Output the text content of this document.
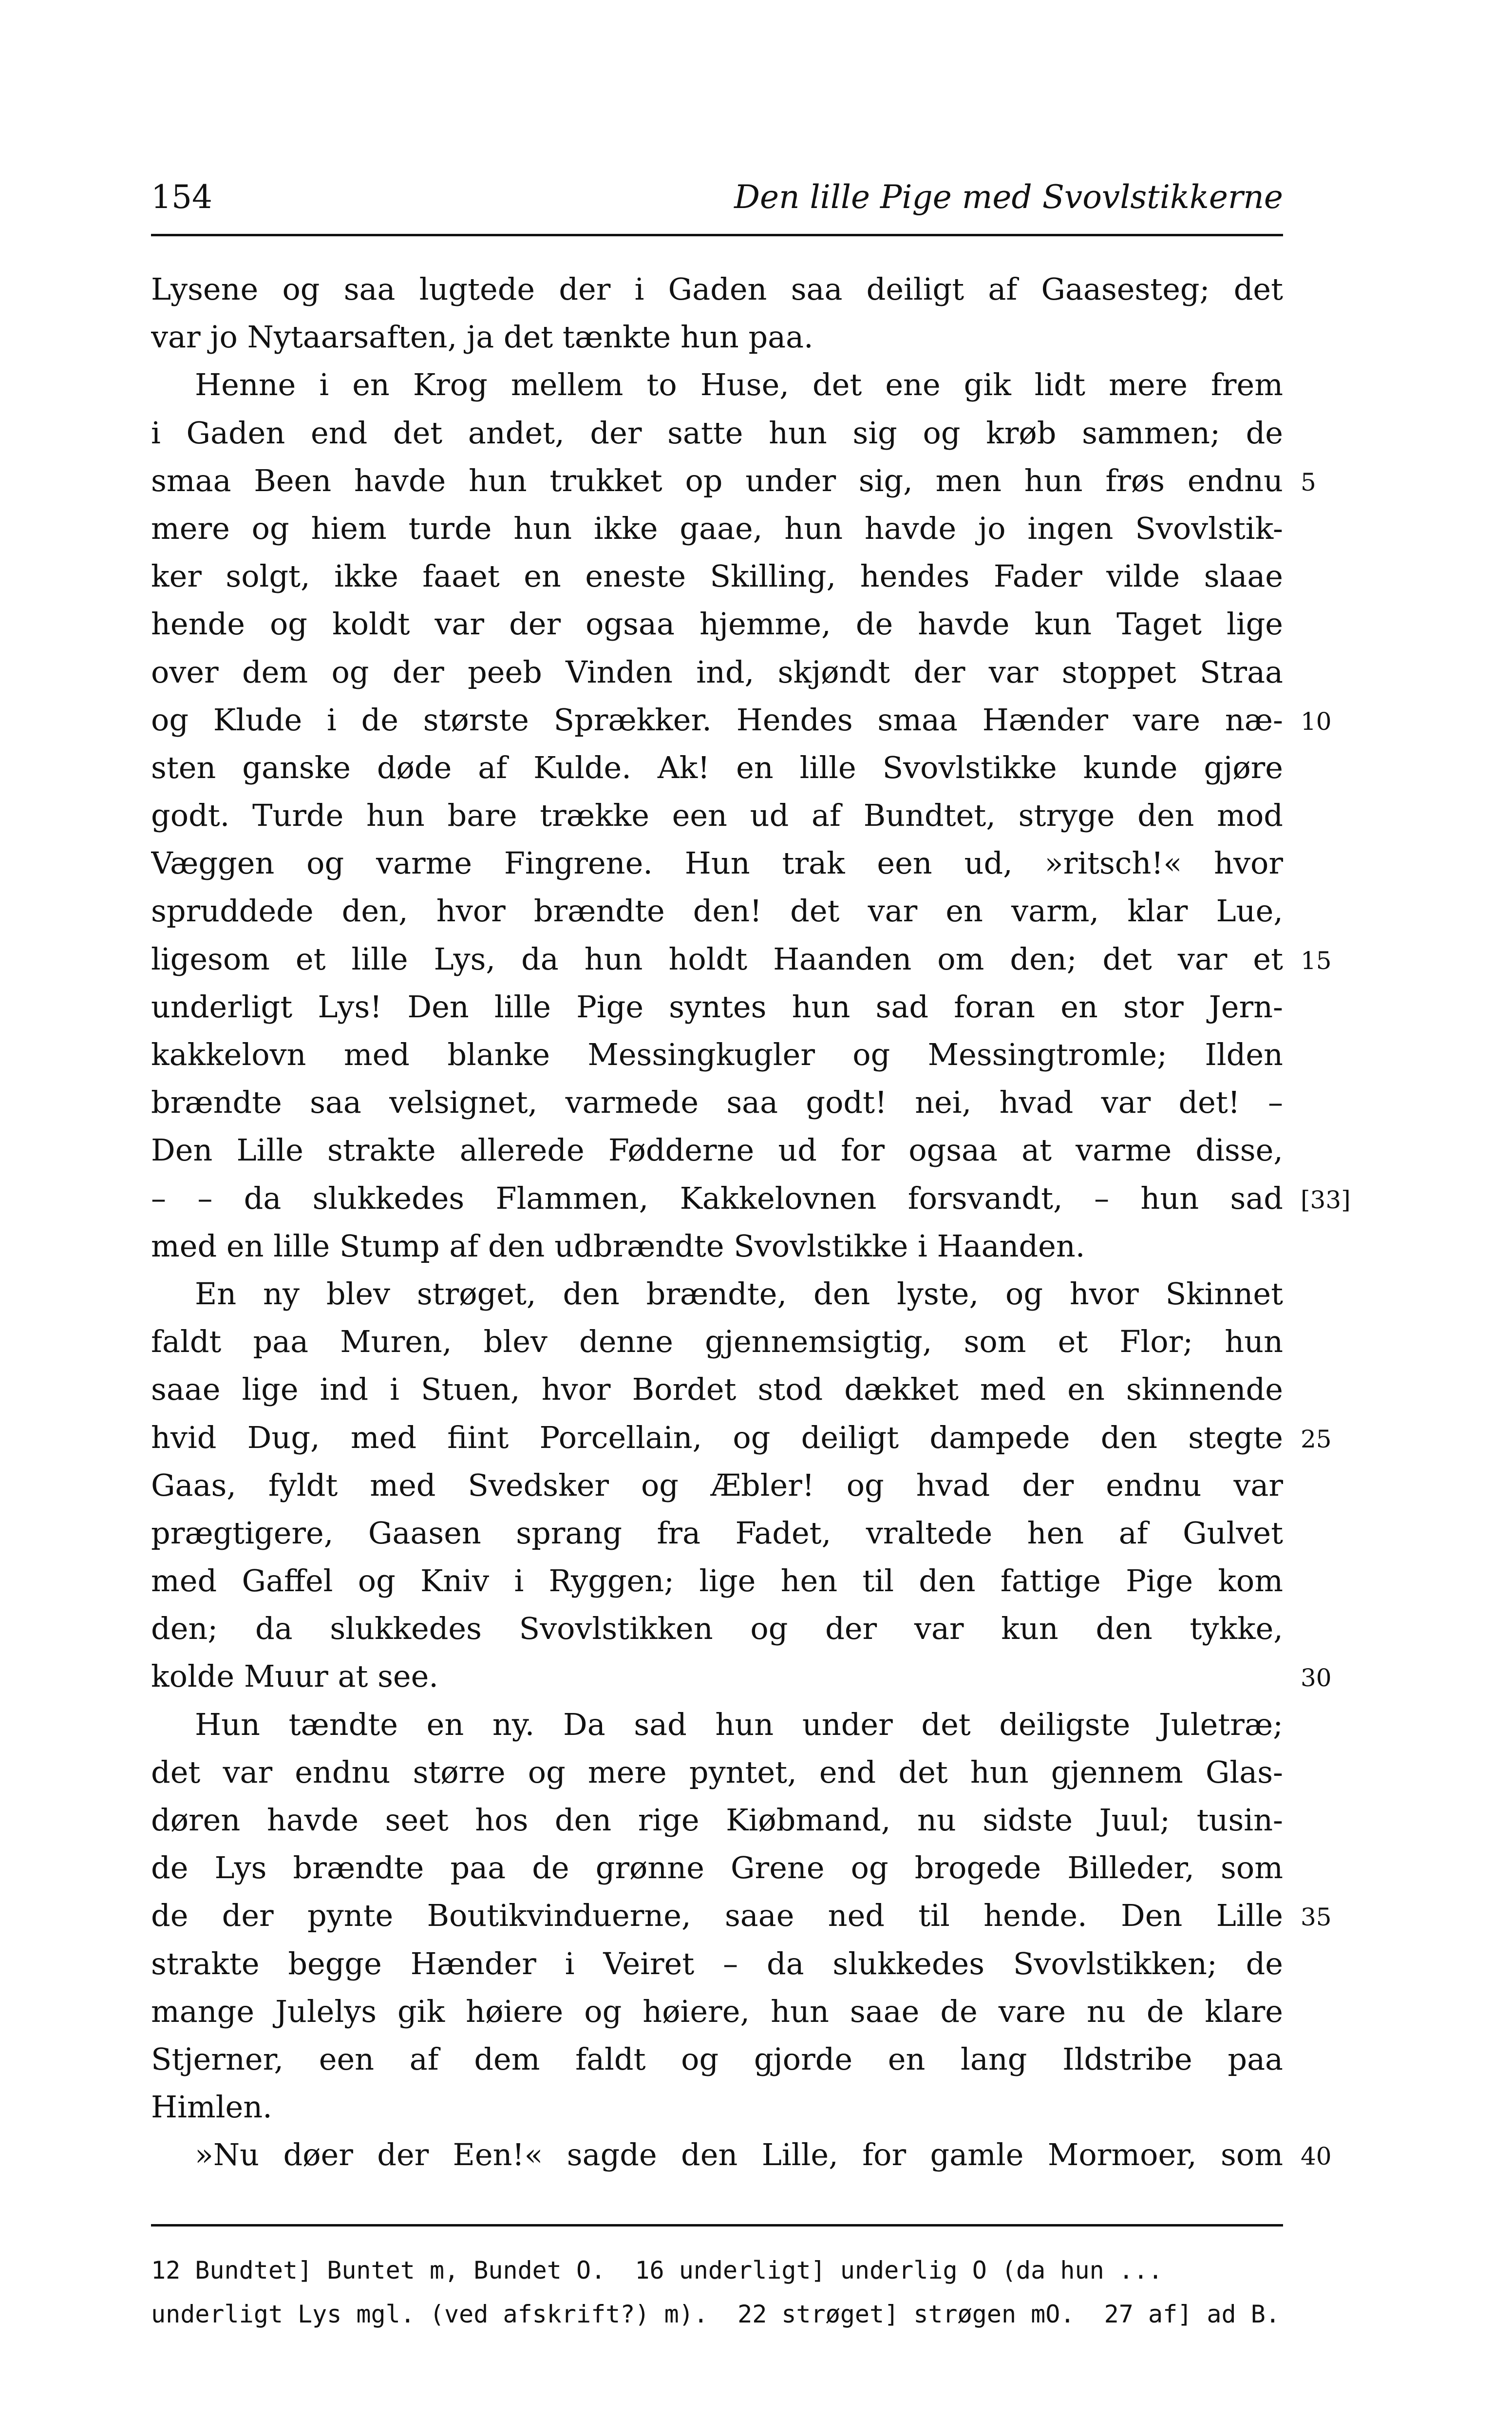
154	Den lille Pige med Svovlstikkerne
Lysene og saa lugtede der i Gaden saa deiligt af Gaasesteg; det
var jo Nytaarsaften, ja det tænkte hun paa.
Henne i en Krog mellem to Huse, det ene gik lidt mere frem
i Gaden end det andet, der satte hun sig og krøb sammen; de
smaa Been havde hun trukket op under sig, men hun frøs endnu 5
mere og hiem turde hun ikke gaae, hun havde jo ingen Svovlstik-
ker solgt, ikke faaet en eneste Skilling, hendes Fader vilde slaae
hende og koldt var der ogsaa hjemme, de havde kun Taget lige
over dem og der peeb Vinden ind, skjøndt der var stoppet Straa
og Klude i de største Sprækker. Hendes smaa Hænder vare næ- 10
sten ganske døde af Kulde. Ak! en lille Svovlstikke kunde gjøre
godt. Turde hun bare trække een ud af Bundtet, stryge den mod
Væggen og varme Fingrene. Hun trak een ud, »ritsch!« hvor
spruddede den, hvor brændte den! det var en varm, klar Lue,
ligesom et lille Lys, da hun holdt Haanden om den; det var et 15
underligt Lys! Den lille Pige syntes hun sad foran en stor Jern-
kakkelovn med blanke Messingkugler og Messingtromle; Ilden
brændte saa velsignet, varmede saa godt! nei, hvad var det! –
Den Lille strakte allerede Fødderne ud for ogsaa at varme disse,
– – da slukkedes Flammen, Kakkelovnen forsvandt, – hun sad [33]
med en lille Stump af den udbrændte Svovlstikke i Haanden.
En ny blev strøget, den brændte, den lyste, og hvor Skinnet
faldt paa Muren, blev denne gjennemsigtig, som et Flor; hun
saae lige ind i Stuen, hvor Bordet stod dækket med en skinnende
hvid Dug, med fiint Porcellain, og deiligt dampede den stegte 25
Gaas, fyldt med Svedsker og Æbler! og hvad der endnu var
prægtigere, Gaasen sprang fra Fadet, vraltede hen af Gulvet
med Gaffel og Kniv i Ryggen; lige hen til den fattige Pige kom
den; da slukkedes Svovlstikken og der var kun den tykke,
kolde Muur at see.	30
Hun tændte en ny. Da sad hun under det deiligste Juletræ;
det var endnu større og mere pyntet, end det hun gjennem Glas-
døren havde seet hos den rige Kiøbmand, nu sidste Juul; tusin-
de Lys brændte paa de grønne Grene og brogede Billeder, som
de der pynte Boutikvinduerne, saae ned til hende. Den Lille 35
strakte begge Hænder i Veiret – da slukkedes Svovlstikken; de
mange Julelys gik høiere og høiere, hun saae de vare nu de klare
Stjerner, een af dem faldt og gjorde en lang Ildstribe paa
Himlen.
»Nu døer der Een!« sagde den Lille, for gamle Mormoer, som 40
12 Bundtet] Buntet m, Bundet O.  16 underligt] underlig O (da hun ...
underligt Lys mgl. (ved afskrift?) m).  22 strøget] strøgen mO.  27 af] ad B.
